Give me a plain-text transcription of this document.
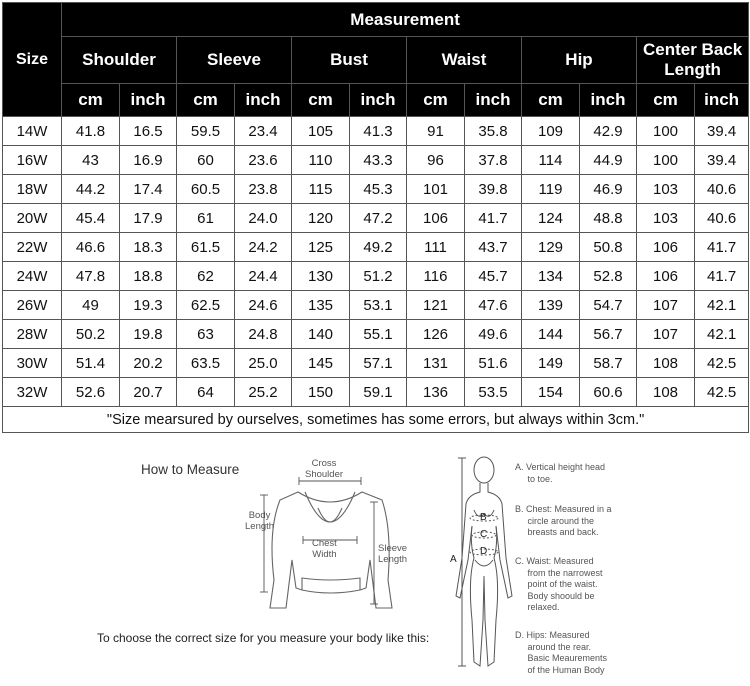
Size	Measurement											
	Shoulder		Sleeve		Bust		Waist		Hip		Center Back Length	
	cm	inch	cm	inch	cm	inch	cm	inch	cm	inch	cm	inch
14W	41.8	16.5	59.5	23.4	105	41.3	91	35.8	109	42.9	100	39.4
16W	43	16.9	60	23.6	110	43.3	96	37.8	114	44.9	100	39.4
18W	44.2	17.4	60.5	23.8	115	45.3	101	39.8	119	46.9	103	40.6
20W	45.4	17.9	61	24.0	120	47.2	106	41.7	124	48.8	103	40.6
22W	46.6	18.3	61.5	24.2	125	49.2	111	43.7	129	50.8	106	41.7
24W	47.8	18.8	62	24.4	130	51.2	116	45.7	134	52.8	106	41.7
26W	49	19.3	62.5	24.6	135	53.1	121	47.6	139	54.7	107	42.1
28W	50.2	19.8	63	24.8	140	55.1	126	49.6	144	56.7	107	42.1
30W	51.4	20.2	63.5	25.0	145	57.1	131	51.6	149	58.7	108	42.5
32W	52.6	20.7	64	25.2	150	59.1	136	53.5	154	60.6	108	42.5
"Size mearsured by ourselves, sometimes has some errors, but always within 3cm."												
How to Measure	Cross
Shoulder
Body
Length
Chest
Width
Sleeve
Length
To choose the correct size for you measure your body like this:
A
B
C
D
A. Vertical height head
to toe.
B. Chest: Measured in a
circle around the
breasts and back.
C. Waist: Measured
from the narrowest
point of the waist.
Body shoould be
relaxed.
D. Hips: Measured
around the rear.
Basic Meaurements
of the Human Body
